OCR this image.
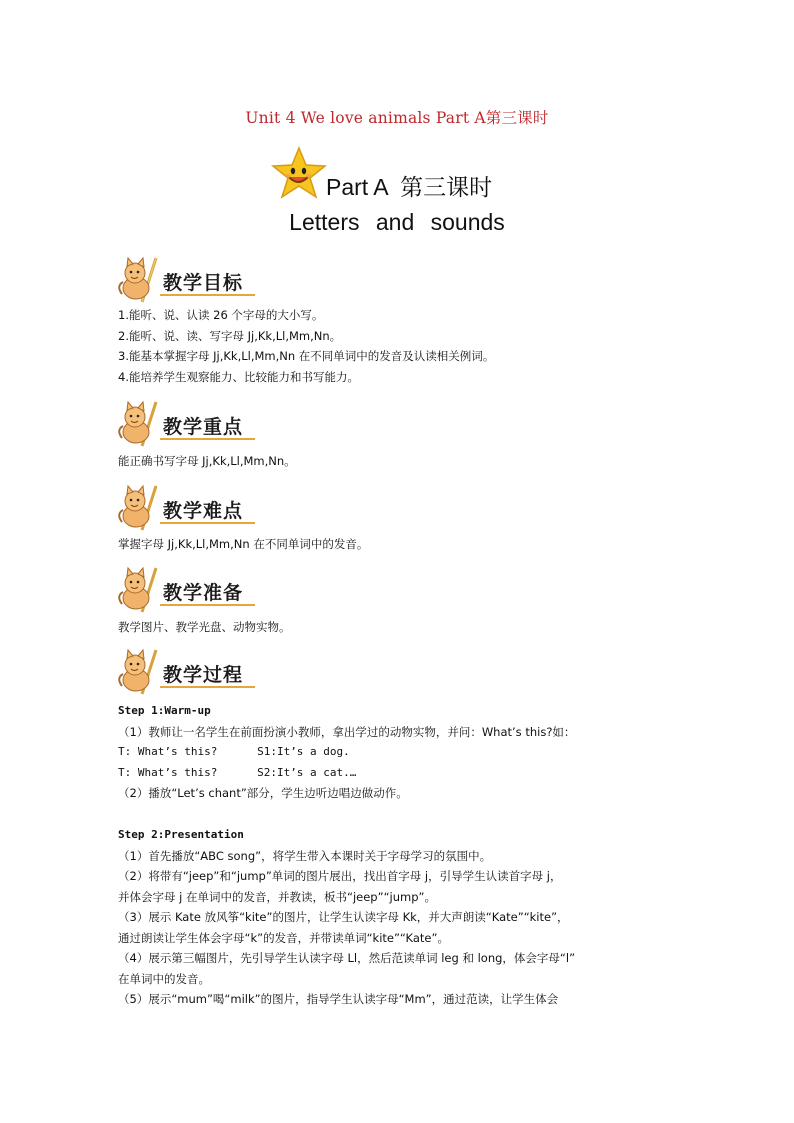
Unit 4 We love animals Part A第三课时
Part A  第三课时
Letters and sounds
教学目标
1.能听、说、认读 26 个字母的大小写。
2.能听、说、读、写字母 Jj,Kk,Ll,Mm,Nn。
3.能基本掌握字母 Jj,Kk,Ll,Mm,Nn 在不同单词中的发音及认读相关例词。
4.能培养学生观察能力、比较能力和书写能力。
教学重点
能正确书写字母 Jj,Kk,Ll,Mm,Nn。
教学难点
掌握字母 Jj,Kk,Ll,Mm,Nn 在不同单词中的发音。
教学准备
教学图片、教学光盘、动物实物。
教学过程
Step 1:Warm-up
（1）教师让一名学生在前面扮演小教师，拿出学过的动物实物，并问：What’s this?如：
T: What’s this?      S1:It’s a dog.
T: What’s this?      S2:It’s a cat.…
（2）播放“Let’s chant”部分，学生边听边唱边做动作。
Step 2:Presentation
（1）首先播放“ABC song”，将学生带入本课时关于字母学习的氛围中。
（2）将带有“jeep”和“jump”单词的图片展出，找出首字母 j，引导学生认读首字母 j，
并体会字母 j 在单词中的发音，并教读，板书“jeep”“jump”。
（3）展示 Kate 放风筝“kite”的图片，让学生认读字母 Kk，并大声朗读“Kate”“kite”，
通过朗读让学生体会字母“k”的发音，并带读单词“kite”“Kate”。
（4）展示第三幅图片，先引导学生认读字母 Ll，然后范读单词 leg 和 long，体会字母“l”
在单词中的发音。
（5）展示“mum”喝“milk”的图片，指导学生认读字母“Mm”，通过范读，让学生体会
